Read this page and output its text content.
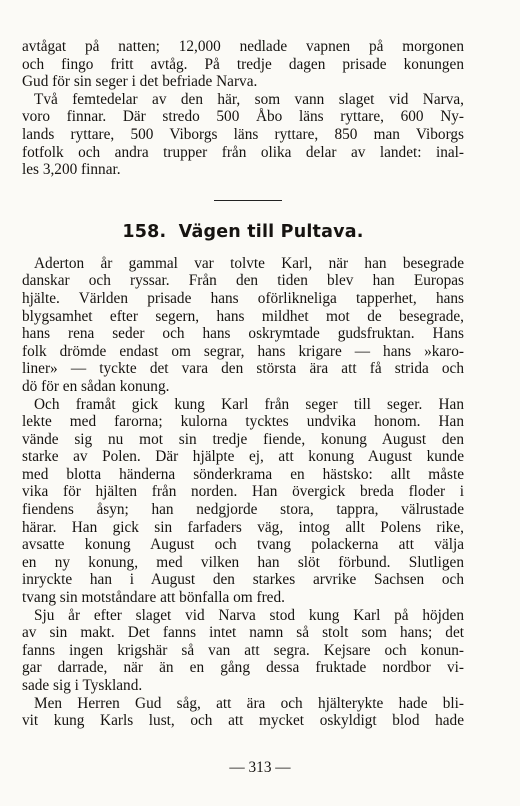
avtågat på natten; 12,000 nedlade vapnen på morgonen
och fingo fritt avtåg. På tredje dagen prisade konungen
Gud för sin seger i det befriade Narva.
Två femtedelar av den här, som vann slaget vid Narva,
voro finnar. Där stredo 500 Åbo läns ryttare, 600 Ny-
lands ryttare, 500 Viborgs läns ryttare, 850 man Viborgs
fotfolk och andra trupper från olika delar av landet: inal-
les 3,200 finnar.
158. Vägen till Pultava.
Aderton år gammal var tolvte Karl, när han besegrade
danskar och ryssar. Från den tiden blev han Europas
hjälte. Världen prisade hans oförlikneliga tapperhet, hans
blygsamhet efter segern, hans mildhet mot de besegrade,
hans rena seder och hans oskrymtade gudsfruktan. Hans
folk drömde endast om segrar, hans krigare — hans »karo-
liner» — tyckte det vara den största ära att få strida och
dö för en sådan konung.
Och framåt gick kung Karl från seger till seger. Han
lekte med farorna; kulorna tycktes undvika honom. Han
vände sig nu mot sin tredje fiende, konung August den
starke av Polen. Där hjälpte ej, att konung August kunde
med blotta händerna sönderkrama en hästsko: allt måste
vika för hjälten från norden. Han övergick breda floder i
fiendens åsyn; han nedgjorde stora, tappra, välrustade
härar. Han gick sin farfaders väg, intog allt Polens rike,
avsatte konung August och tvang polackerna att välja
en ny konung, med vilken han slöt förbund. Slutligen
inryckte han i August den starkes arvrike Sachsen och
tvang sin motståndare att bönfalla om fred.
Sju år efter slaget vid Narva stod kung Karl på höjden
av sin makt. Det fanns intet namn så stolt som hans; det
fanns ingen krigshär så van att segra. Kejsare och konun-
gar darrade, när än en gång dessa fruktade nordbor vi-
sade sig i Tyskland.
Men Herren Gud såg, att ära och hjälterykte hade bli-
vit kung Karls lust, och att mycket oskyldigt blod hade
— 313 —
